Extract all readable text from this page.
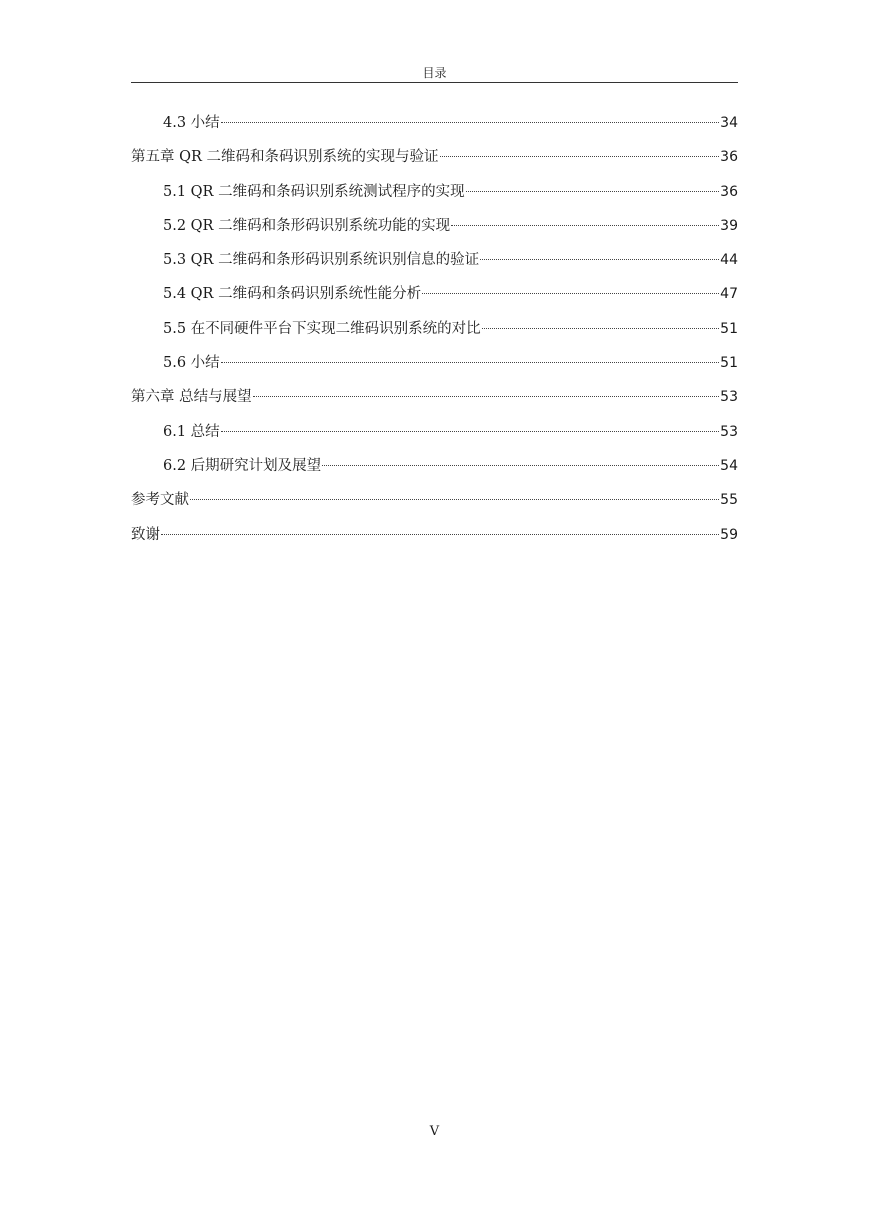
目录
4.3 小结	34
第五章 QR 二维码和条码识别系统的实现与验证	36
5.1 QR 二维码和条码识别系统测试程序的实现	36
5.2 QR 二维码和条形码识别系统功能的实现	39
5.3 QR 二维码和条形码识别系统识别信息的验证	44
5.4 QR 二维码和条码识别系统性能分析	47
5.5 在不同硬件平台下实现二维码识别系统的对比	51
5.6 小结	51
第六章 总结与展望	53
6.1 总结	53
6.2 后期研究计划及展望	54
参考文献	55
致谢	59
V
